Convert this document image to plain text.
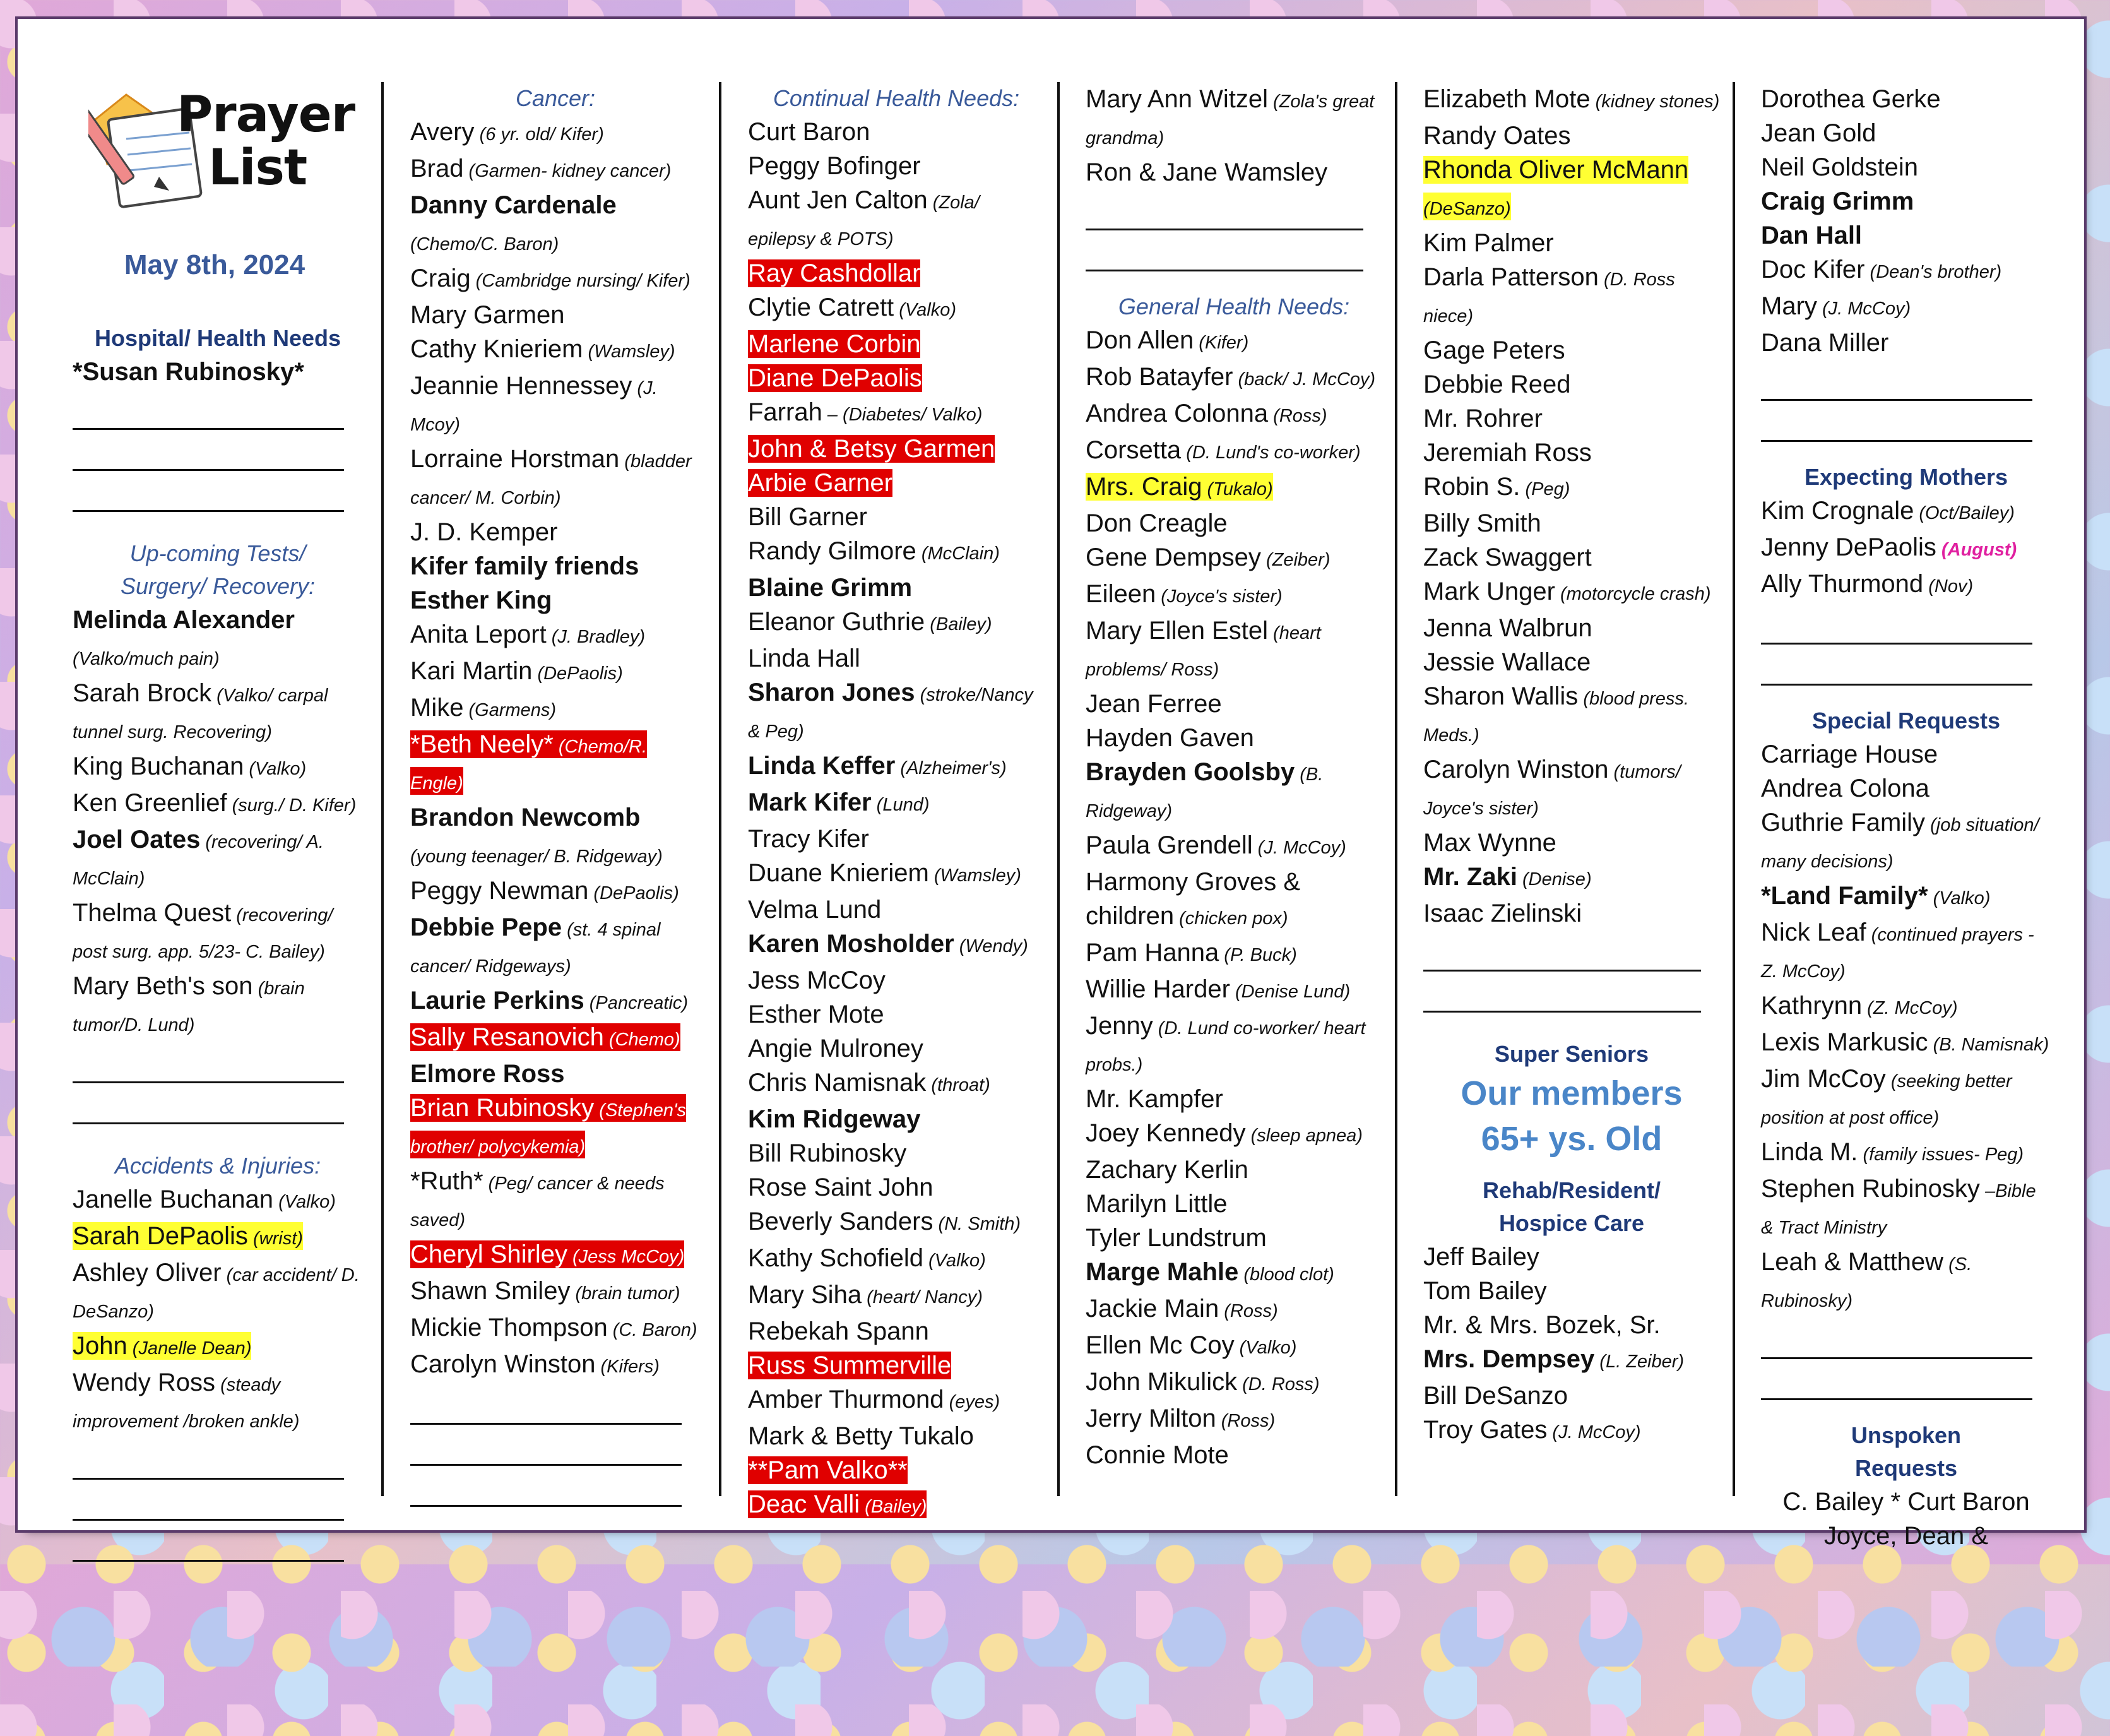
Prayer
List
May 8th, 2024
Hospital/ Health Needs
*Susan Rubinosky*
Up-coming Tests/
Surgery/ Recovery:
Melinda Alexander (Valko/much pain)
Sarah Brock (Valko/ carpal tunnel surg. Recovering)
King Buchanan (Valko)
Ken Greenlief (surg./ D. Kifer)
Joel Oates (recovering/ A. McClain)
Thelma Quest (recovering/ post surg. app. 5/23- C. Bailey)
Mary Beth's son (brain tumor/D. Lund)
Accidents & Injuries:
Janelle Buchanan (Valko)
Sarah DePaolis (wrist)
Ashley Oliver (car accident/ D. DeSanzo)
John (Janelle Dean)
Wendy Ross (steady improvement /broken ankle)
Cancer:
Avery (6 yr. old/ Kifer)
Brad (Garmen- kidney cancer)
Danny Cardenale (Chemo/C. Baron)
Craig (Cambridge nursing/ Kifer)
Mary Garmen
Cathy Knieriem (Wamsley)
Jeannie Hennessey (J. Mcoy)
Lorraine Horstman (bladder cancer/ M. Corbin)
J. D. Kemper
Kifer family friends
Esther King
Anita Leport (J. Bradley)
Kari Martin (DePaolis)
Mike (Garmens)
*Beth Neely* (Chemo/R. Engle)
Brandon Newcomb (young teenager/ B. Ridgeway)
Peggy Newman (DePaolis)
Debbie Pepe (st. 4 spinal cancer/ Ridgeways)
Laurie Perkins (Pancreatic)
Sally Resanovich (Chemo)
Elmore Ross
Brian Rubinosky (Stephen's brother/ polycykemia)
*Ruth* (Peg/ cancer & needs saved)
Cheryl Shirley (Jess McCoy)
Shawn Smiley (brain tumor)
Mickie Thompson (C. Baron)
Carolyn Winston (Kifers)
Continual Health Needs:
Curt Baron
Peggy Bofinger
Aunt Jen Calton (Zola/ epilepsy & POTS)
Ray Cashdollar
Clytie Catrett (Valko)
Marlene Corbin
Diane DePaolis
Farrah – (Diabetes/ Valko)
John & Betsy Garmen
Arbie Garner
Bill Garner
Randy Gilmore (McClain)
Blaine Grimm
Eleanor Guthrie (Bailey)
Linda Hall
Sharon Jones (stroke/Nancy & Peg)
Linda Keffer (Alzheimer's)
Mark Kifer (Lund)
Tracy Kifer
Duane Knieriem (Wamsley)
Velma Lund
Karen Mosholder (Wendy)
Jess McCoy
Esther Mote
Angie Mulroney
Chris Namisnak (throat)
Kim Ridgeway
Bill Rubinosky
Rose Saint John
Beverly Sanders (N. Smith)
Kathy Schofield (Valko)
Mary Siha (heart/ Nancy)
Rebekah Spann
Russ Summerville
Amber Thurmond (eyes)
Mark & Betty Tukalo
**Pam Valko**
Deac Valli (Bailey)
Mary Ann Witzel (Zola's great grandma)
Ron & Jane Wamsley
General Health Needs:
Don Allen (Kifer)
Rob Batayfer (back/ J. McCoy)
Andrea Colonna (Ross)
Corsetta (D. Lund's co-worker)
Mrs. Craig (Tukalo)
Don Creagle
Gene Dempsey (Zeiber)
Eileen (Joyce's sister)
Mary Ellen Estel (heart problems/ Ross)
Jean Ferree
Hayden Gaven
Brayden Goolsby (B. Ridgeway)
Paula Grendell (J. McCoy)
Harmony Groves &
children (chicken pox)
Pam Hanna (P. Buck)
Willie Harder (Denise Lund)
Jenny (D. Lund co-worker/ heart probs.)
Mr. Kampfer
Joey Kennedy (sleep apnea)
Zachary Kerlin
Marilyn Little
Tyler Lundstrum
Marge Mahle (blood clot)
Jackie Main (Ross)
Ellen Mc Coy (Valko)
John Mikulick (D. Ross)
Jerry Milton (Ross)
Connie Mote
Elizabeth Mote (kidney stones)
Randy Oates
Rhonda Oliver McMann (DeSanzo)
Kim Palmer
Darla Patterson (D. Ross niece)
Gage Peters
Debbie Reed
Mr. Rohrer
Jeremiah Ross
Robin S. (Peg)
Billy Smith
Zack Swaggert
Mark Unger (motorcycle crash)
Jenna Walbrun
Jessie Wallace
Sharon Wallis (blood press. Meds.)
Carolyn Winston (tumors/ Joyce's sister)
Max Wynne
Mr. Zaki (Denise)
Isaac Zielinski
Super Seniors
Our members
65+ ys. Old
Rehab/Resident/
Hospice Care
Jeff Bailey
Tom Bailey
Mr. & Mrs. Bozek, Sr.
Mrs. Dempsey (L. Zeiber)
Bill DeSanzo
Troy Gates (J. McCoy)
Dorothea Gerke
Jean Gold
Neil Goldstein
Craig Grimm
Dan Hall
Doc Kifer (Dean's brother)
Mary (J. McCoy)
Dana Miller
Expecting Mothers
Kim Crognale (Oct/Bailey)
Jenny DePaolis (August)
Ally Thurmond (Nov)
Special Requests
Carriage House
Andrea Colona
Guthrie Family (job situation/ many decisions)
*Land Family* (Valko)
Nick Leaf (continued prayers - Z. McCoy)
Kathrynn (Z. McCoy)
Lexis Markusic (B. Namisnak)
Jim McCoy (seeking better position at post office)
Linda M. (family issues- Peg)
Stephen Rubinosky –Bible & Tract Ministry
Leah & Matthew (S. Rubinosky)
Unspoken
Requests
C. Bailey * Curt Baron
Joyce, Dean &
